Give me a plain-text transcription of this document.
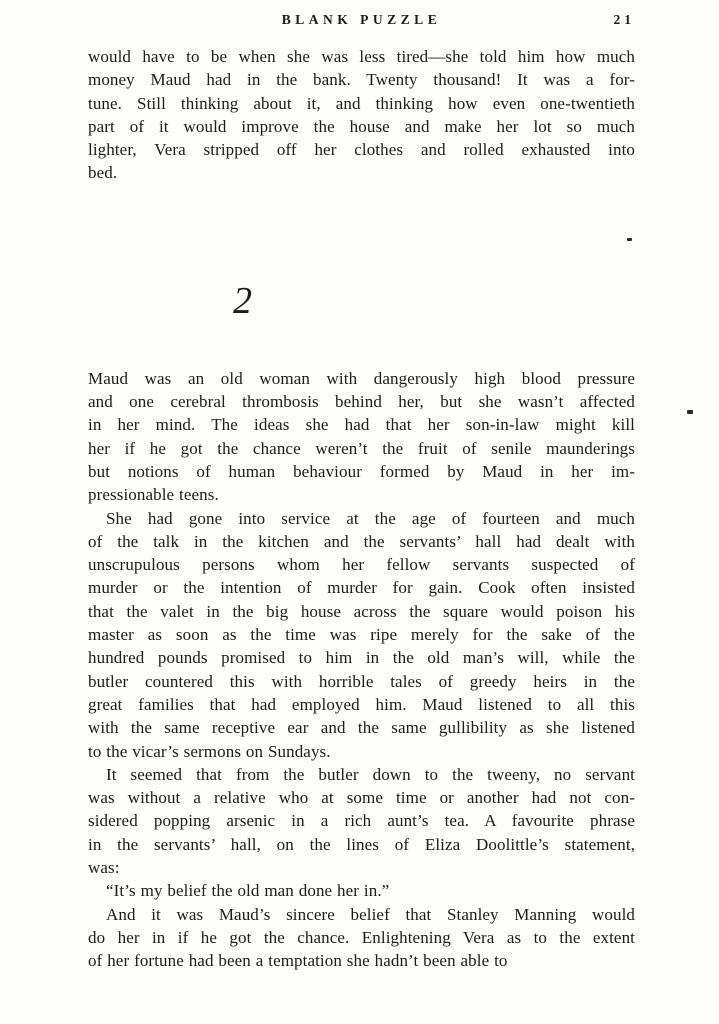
BLANK PUZZLE	21
would have to be when she was less tired—she told him how much
money Maud had in the bank. Twenty thousand! It was a for-
tune. Still thinking about it, and thinking how even one-twentieth
part of it would improve the house and make her lot so much
lighter, Vera stripped off her clothes and rolled exhausted into
bed.
2
Maud was an old woman with dangerously high blood pressure
and one cerebral thrombosis behind her, but she wasn’t affected
in her mind. The ideas she had that her son-in-law might kill
her if he got the chance weren’t the fruit of senile maunderings
but notions of human behaviour formed by Maud in her im-
pressionable teens.
She had gone into service at the age of fourteen and much
of the talk in the kitchen and the servants’ hall had dealt with
unscrupulous persons whom her fellow servants suspected of
murder or the intention of murder for gain. Cook often insisted
that the valet in the big house across the square would poison his
master as soon as the time was ripe merely for the sake of the
hundred pounds promised to him in the old man’s will, while the
butler countered this with horrible tales of greedy heirs in the
great families that had employed him. Maud listened to all this
with the same receptive ear and the same gullibility as she listened
to the vicar’s sermons on Sundays.
It seemed that from the butler down to the tweeny, no servant
was without a relative who at some time or another had not con-
sidered popping arsenic in a rich aunt’s tea. A favourite phrase
in the servants’ hall, on the lines of Eliza Doolittle’s statement,
was:
“It’s my belief the old man done her in.”
And it was Maud’s sincere belief that Stanley Manning would
do her in if he got the chance. Enlightening Vera as to the extent
of her fortune had been a temptation she hadn’t been able to
